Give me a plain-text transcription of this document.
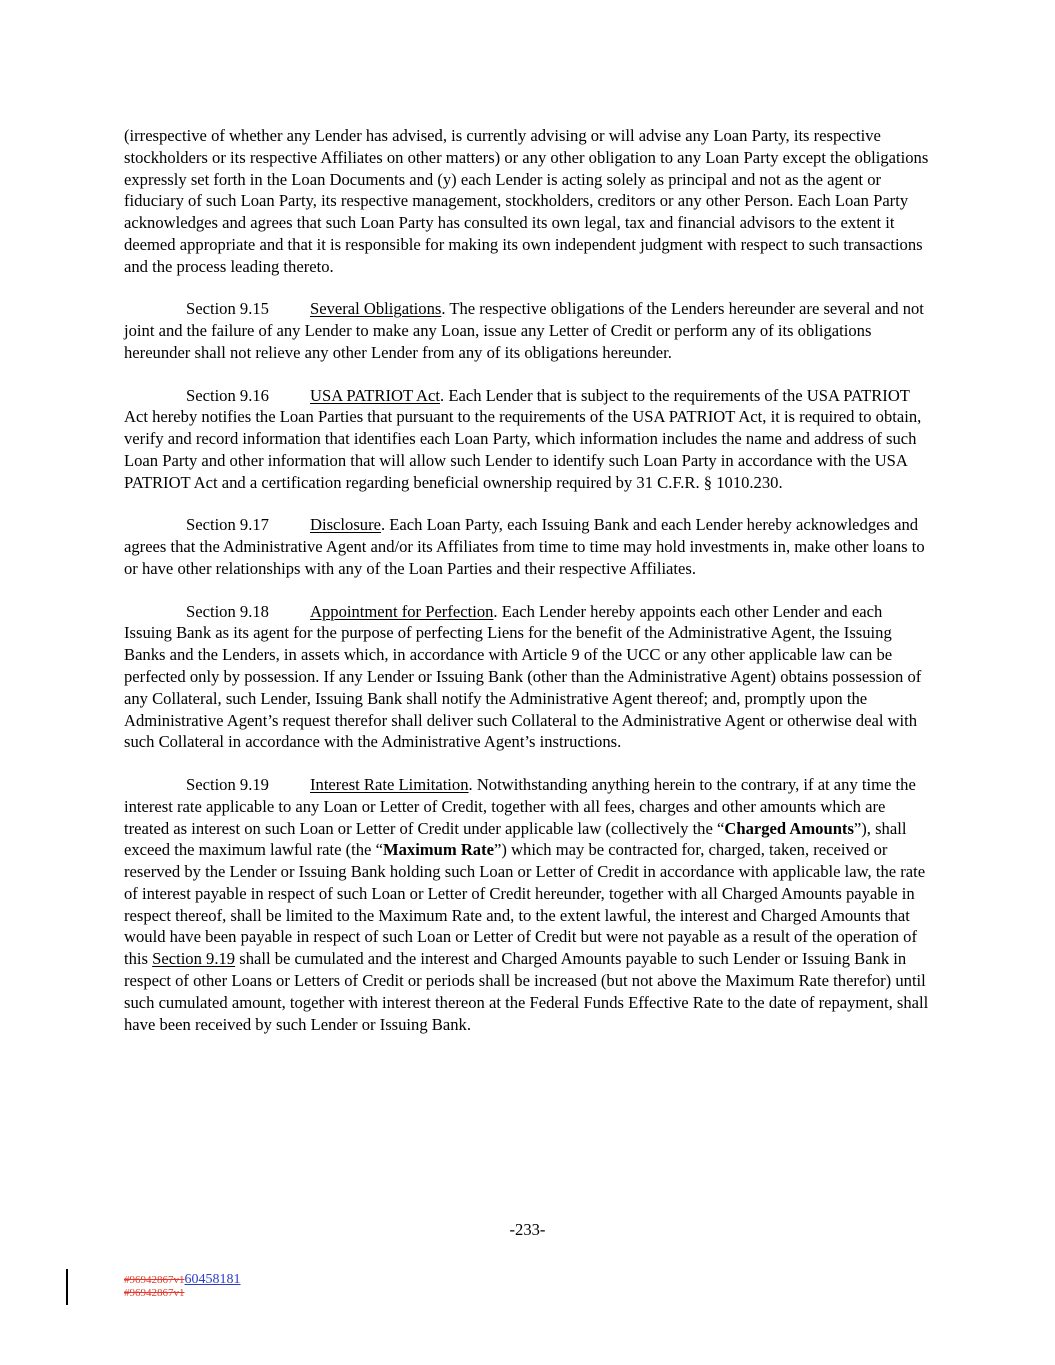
(irrespective of whether any Lender has advised, is currently advising or will advise any Loan Party, its respective stockholders or its respective Affiliates on other matters) or any other obligation to any Loan Party except the obligations expressly set forth in the Loan Documents and (y) each Lender is acting solely as principal and not as the agent or fiduciary of such Loan Party, its respective management, stockholders, creditors or any other Person. Each Loan Party acknowledges and agrees that such Loan Party has consulted its own legal, tax and financial advisors to the extent it deemed appropriate and that it is responsible for making its own independent judgment with respect to such transactions and the process leading thereto.

Section 9.15 Several Obligations. The respective obligations of the Lenders hereunder are several and not joint and the failure of any Lender to make any Loan, issue any Letter of Credit or perform any of its obligations hereunder shall not relieve any other Lender from any of its obligations hereunder.

Section 9.16 USA PATRIOT Act. Each Lender that is subject to the requirements of the USA PATRIOT Act hereby notifies the Loan Parties that pursuant to the requirements of the USA PATRIOT Act, it is required to obtain, verify and record information that identifies each Loan Party, which information includes the name and address of such Loan Party and other information that will allow such Lender to identify such Loan Party in accordance with the USA PATRIOT Act and a certification regarding beneficial ownership required by 31 C.F.R. § 1010.230.

Section 9.17 Disclosure. Each Loan Party, each Issuing Bank and each Lender hereby acknowledges and agrees that the Administrative Agent and/or its Affiliates from time to time may hold investments in, make other loans to or have other relationships with any of the Loan Parties and their respective Affiliates.

Section 9.18 Appointment for Perfection. Each Lender hereby appoints each other Lender and each Issuing Bank as its agent for the purpose of perfecting Liens for the benefit of the Administrative Agent, the Issuing Banks and the Lenders, in assets which, in accordance with Article 9 of the UCC or any other applicable law can be perfected only by possession. If any Lender or Issuing Bank (other than the Administrative Agent) obtains possession of any Collateral, such Lender, Issuing Bank shall notify the Administrative Agent thereof; and, promptly upon the Administrative Agent’s request therefor shall deliver such Collateral to the Administrative Agent or otherwise deal with such Collateral in accordance with the Administrative Agent’s instructions.

Section 9.19 Interest Rate Limitation. Notwithstanding anything herein to the contrary, if at any time the interest rate applicable to any Loan or Letter of Credit, together with all fees, charges and other amounts which are treated as interest on such Loan or Letter of Credit under applicable law (collectively the “Charged Amounts”), shall exceed the maximum lawful rate (the “Maximum Rate”) which may be contracted for, charged, taken, received or reserved by the Lender or Issuing Bank holding such Loan or Letter of Credit in accordance with applicable law, the rate of interest payable in respect of such Loan or Letter of Credit hereunder, together with all Charged Amounts payable in respect thereof, shall be limited to the Maximum Rate and, to the extent lawful, the interest and Charged Amounts that would have been payable in respect of such Loan or Letter of Credit but were not payable as a result of the operation of this Section 9.19 shall be cumulated and the interest and Charged Amounts payable to such Lender or Issuing Bank in respect of other Loans or Letters of Credit or periods shall be increased (but not above the Maximum Rate therefor) until such cumulated amount, together with interest thereon at the Federal Funds Effective Rate to the date of repayment, shall have been received by such Lender or Issuing Bank.

-233-
#96942867v160458181
#96942867v1
